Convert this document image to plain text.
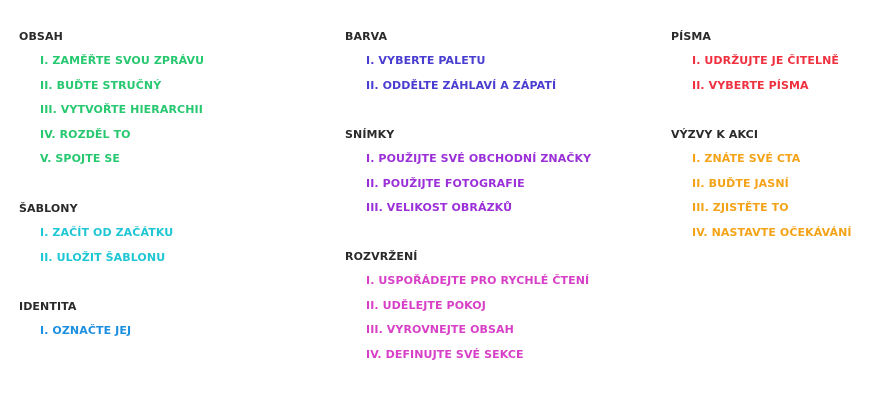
OBSAH
I. ZAMĚŘTE SVOU ZPRÁVU
II. BUĎTE STRUČNÝ
III. VYTVOŘTE HIERARCHII
IV. ROZDĚL TO
V. SPOJTE SE
ŠABLONY
I. ZAČÍT OD ZAČÁTKU
II. ULOŽIT ŠABLONU
IDENTITA
I. OZNAČTE JEJ
BARVA
I. VYBERTE PALETU
II. ODDĚLTE ZÁHLAVÍ A ZÁPATÍ
SNÍMKY
I. POUŽIJTE SVÉ OBCHODNÍ ZNAČKY
II. POUŽIJTE FOTOGRAFIE
III. VELIKOST OBRÁZKŮ
ROZVRŽENÍ
I. USPOŘÁDEJTE PRO RYCHLÉ ČTENÍ
II. UDĚLEJTE POKOJ
III. VYROVNEJTE OBSAH
IV. DEFINUJTE SVÉ SEKCE
PÍSMA
I. UDRŽUJTE JE ČITELNĚ
II. VYBERTE PÍSMA
VÝZVY K AKCI
I. ZNÁTE SVÉ CTA
II. BUĎTE JASNÍ
III. ZJISTĚTE TO
IV. NASTAVTE OČEKÁVÁNÍ
